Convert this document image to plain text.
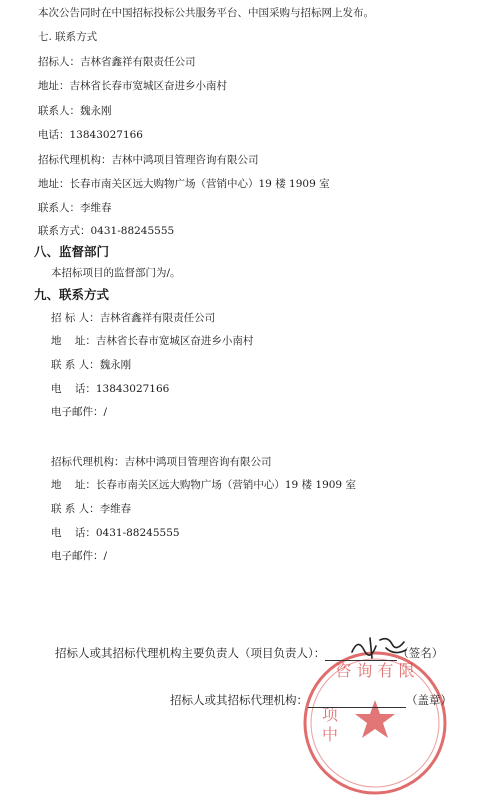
本次公告同时在中国招标投标公共服务平台、中国采购与招标网上发布。
七. 联系方式
招标人：吉林省鑫祥有限责任公司
地址：吉林省长春市宽城区奋进乡小南村
联系人：魏永刚
电话：13843027166
招标代理机构：吉林中鸿项目管理咨询有限公司
地址：长春市南关区远大购物广场（营销中心）19 楼 1909 室
联系人：李维春
联系方式：0431-88245555
八、监督部门
本招标项目的监督部门为/。
九、联系方式
招 标 人：吉林省鑫祥有限责任公司
地    址：吉林省长春市宽城区奋进乡小南村
联 系 人：魏永刚
电    话：13843027166
电子邮件：/
招标代理机构：吉林中鸿项目管理咨询有限公司
地    址：长春市南关区远大购物广场（营销中心）19 楼 1909 室
联 系 人：李维春
电    话：0431-88245555
电子邮件：/
咨 询 有 限
项
中
招标人或其招标代理机构主要负责人（项目负责人）：	（签名）
招标人或其招标代理机构：	（盖章）
